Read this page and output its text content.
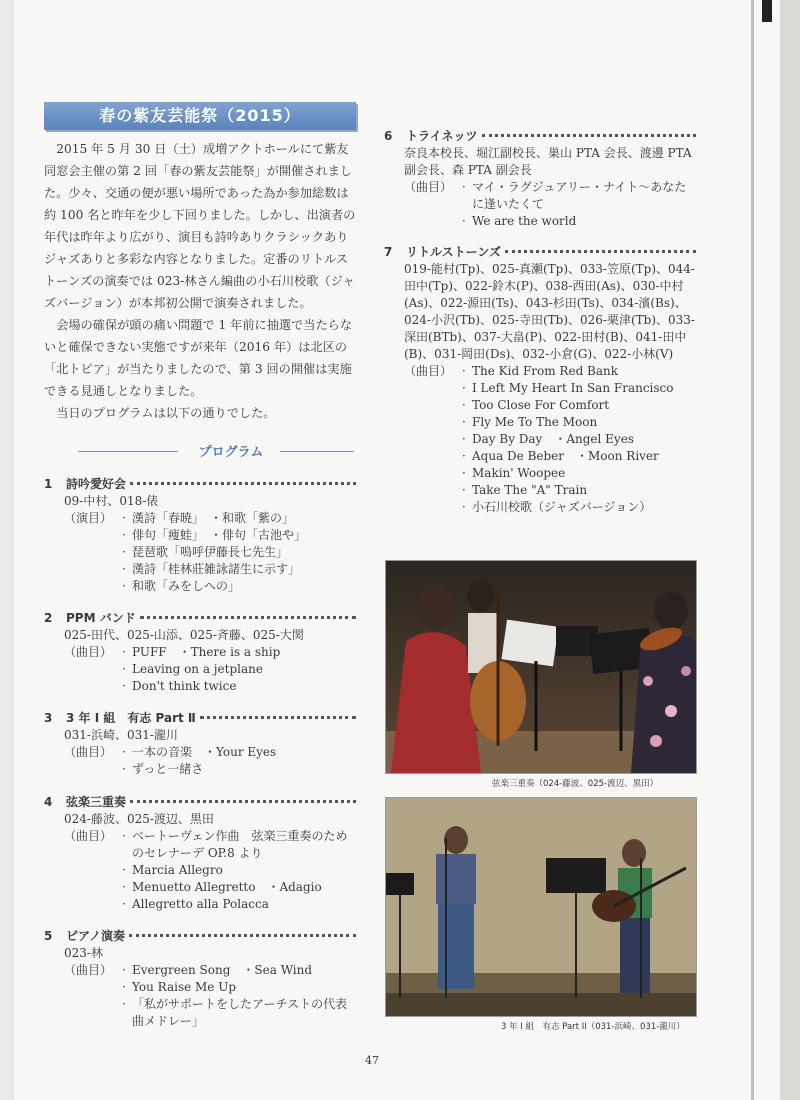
春の紫友芸能祭（2015）

2015 年 5 月 30 日（土）成増アクトホールにて紫友同窓会主催の第 2 回「春の紫友芸能祭」が開催されました。少々、交通の便が悪い場所であった為か参加総数は約 100 名と昨年を少し下回りました。しかし、出演者の年代は昨年より広がり、演目も詩吟ありクラシックありジャズありと多彩な内容となりました。定番のリトルストーンズの演奏では 023-林さん編曲の小石川校歌（ジャズバージョン）が本邦初公開で演奏されました。

会場の確保が頭の痛い問題で 1 年前に抽選で当たらないと確保できない実態ですが来年（2016 年）は北区の「北トピア」が当たりましたので、第 3 回の開催は実施できる見通しとなりました。

当日のプログラムは以下の通りでした。

プログラム
1	詩吟愛好会
09-中村、018-俵
（演目）	· 漢詩「春暁」　・和歌「紫の」
· 俳句「痩蛙」　・俳句「古池や」
· 琵琶歌「嗚呼伊藤長七先生」
· 漢詩「桂林莊雑詠諸生に示す」
· 和歌「みをしへの」
2	PPM バンド
025-田代、025-山添、025-斉藤、025-大関
（曲目）	· PUFF　・There is a ship
· Leaving on a jetplane
· Don't think twice
3	3 年 I 組　有志 Part Ⅱ
031-浜崎、031-瀧川
（曲目）	· 一本の音楽　・Your Eyes
· ずっと一緒さ
4	弦楽三重奏
024-藤波、025-渡辺、黒田
（曲目）	· ベートーヴェン作曲　弦楽三重奏のためのセレナーデ OP.8 より
· Marcia Allegro
· Menuetto Allegretto　・Adagio
· Allegretto alla Polacca
5	ピアノ演奏
023-林
（曲目）	· Evergreen Song　・Sea Wind
· You Raise Me Up
· 「私がサポートをしたアーチストの代表曲メドレー」
6	トライネッツ
奈良本校長、堀江副校長、巣山 PTA 会長、渡邊 PTA 副会長、森 PTA 副会長
（曲目）	· マイ・ラグジュアリー・ナイト～あなたに逢いたくて
· We are the world
7	リトルストーンズ
019-能村(Tp)、025-真瀬(Tp)、033-笠原(Tp)、044-田中(Tp)、022-鈴木(P)、038-西田(As)、030-中村(As)、022-源田(Ts)、043-杉田(Ts)、034-濱(Bs)、024-小沢(Tb)、025-寺田(Tb)、026-栗津(Tb)、033-深田(BTb)、037-大畠(P)、022-田村(B)、041-田中(B)、031-岡田(Ds)、032-小倉(G)、022-小林(V)
（曲目）	· The Kid From Red Bank
· I Left My Heart In San Francisco
· Too Close For Comfort
· Fly Me To The Moon
· Day By Day　・Angel Eyes
· Aqua De Beber　・Moon River
· Makin' Woopee
· Take The "A" Train
· 小石川校歌（ジャズバージョン）
弦楽三重奏（024-藤波、025-渡辺、黒田）
3 年 I 組　有志 Part II（031-浜崎、031-瀧川）
47
